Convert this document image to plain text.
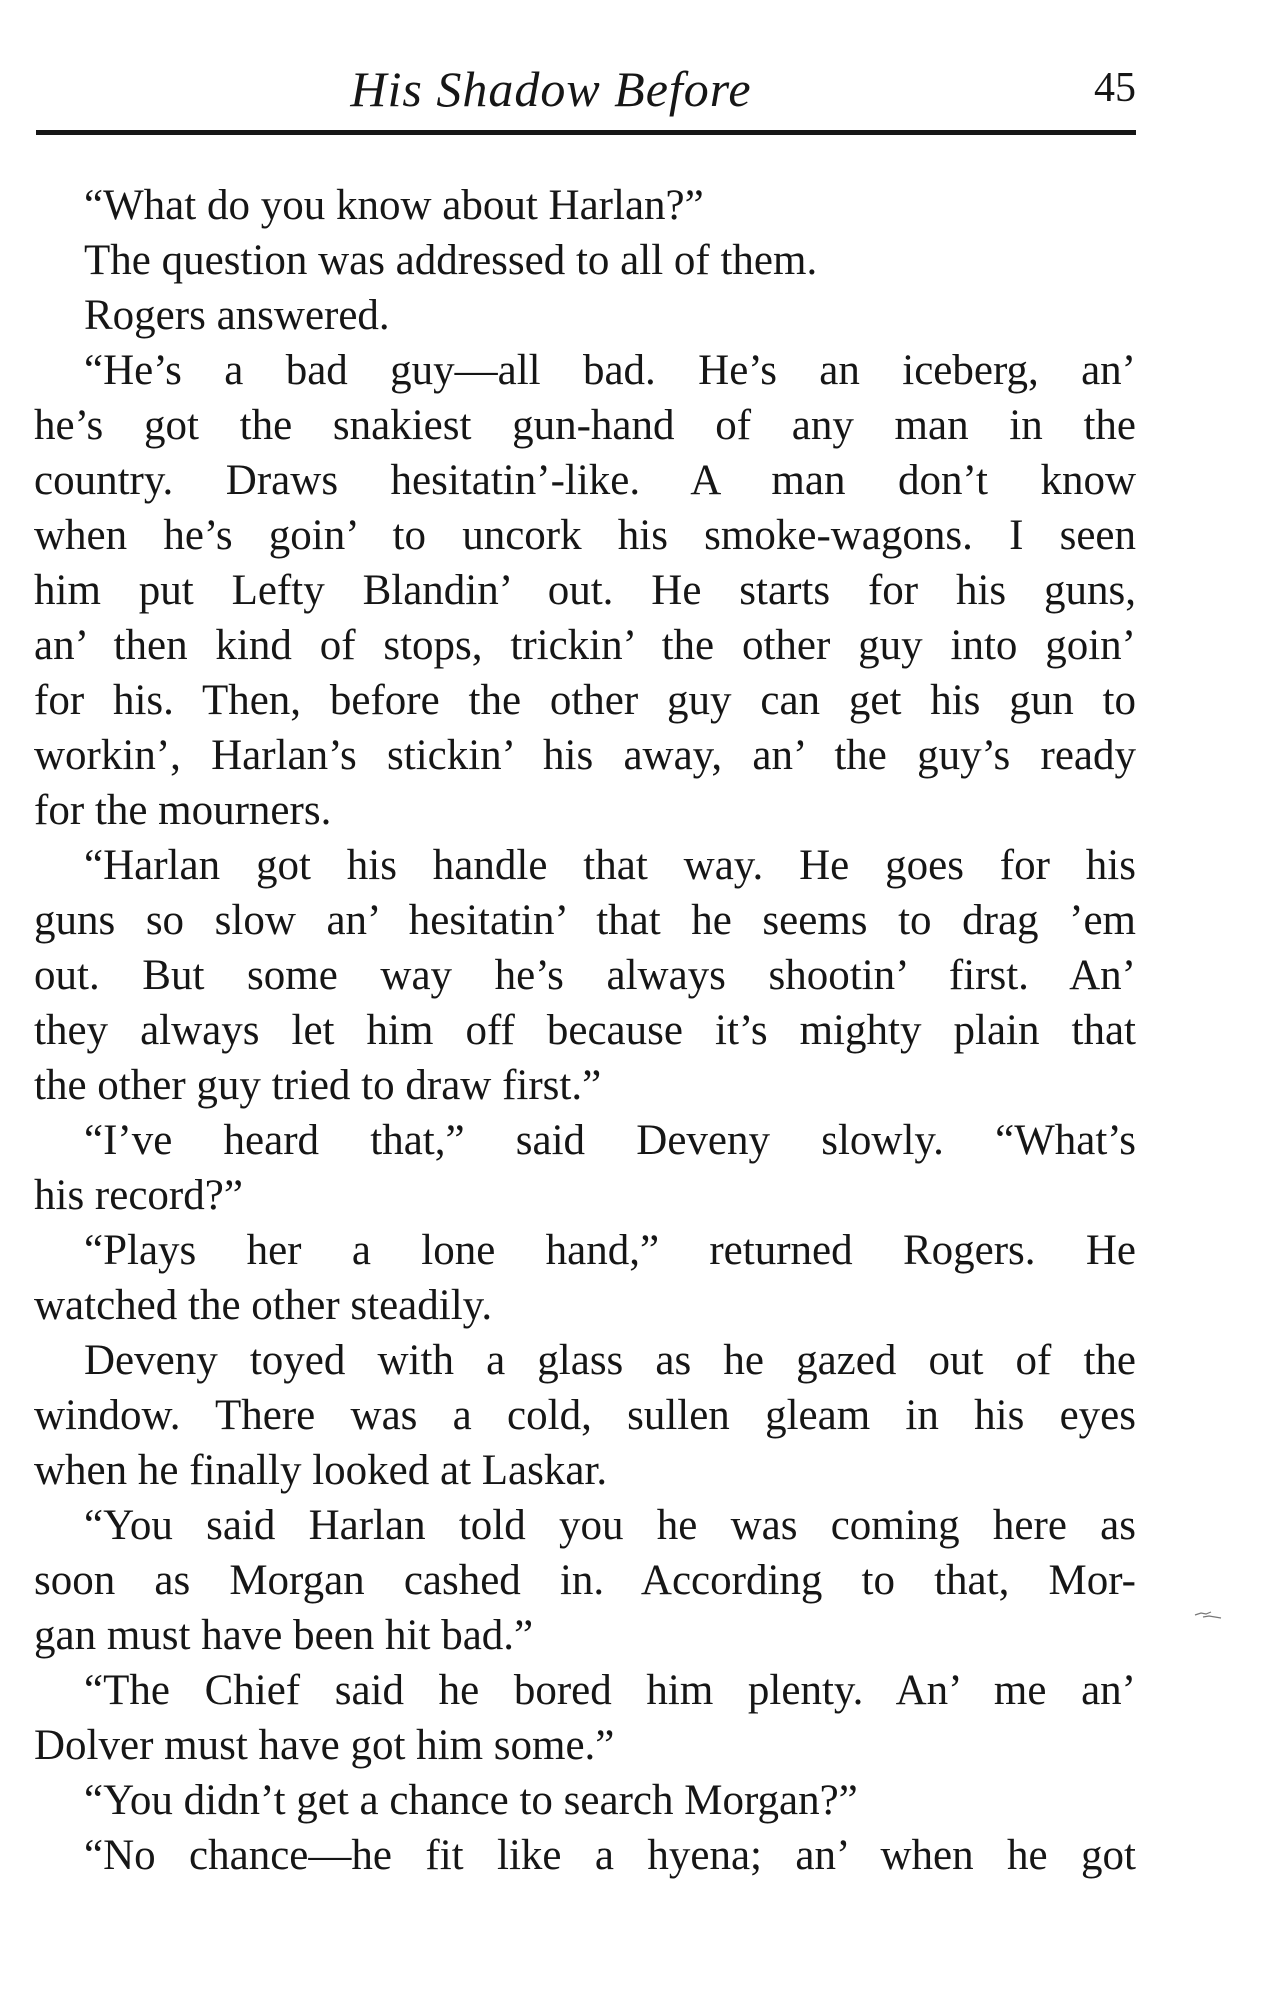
His Shadow Before	45
“What do you know about Harlan?”
The question was addressed to all of them.
Rogers answered.
“He’s a bad guy—all bad. He’s an iceberg, an’
he’s got the snakiest gun-hand of any man in the
country. Draws hesitatin’-like. A man don’t know
when he’s goin’ to uncork his smoke-wagons. I seen
him put Lefty Blandin’ out. He starts for his guns,
an’ then kind of stops, trickin’ the other guy into goin’
for his. Then, before the other guy can get his gun to
workin’, Harlan’s stickin’ his away, an’ the guy’s ready
for the mourners.
“Harlan got his handle that way. He goes for his
guns so slow an’ hesitatin’ that he seems to drag ’em
out. But some way he’s always shootin’ first. An’
they always let him off because it’s mighty plain that
the other guy tried to draw first.”
“I’ve heard that,” said Deveny slowly. “What’s
his record?”
“Plays her a lone hand,” returned Rogers. He
watched the other steadily.
Deveny toyed with a glass as he gazed out of the
window. There was a cold, sullen gleam in his eyes
when he finally looked at Laskar.
“You said Harlan told you he was coming here as
soon as Morgan cashed in. According to that, Mor-
gan must have been hit bad.”
“The Chief said he bored him plenty. An’ me an’
Dolver must have got him some.”
“You didn’t get a chance to search Morgan?”
“No chance—he fit like a hyena; an’ when he got
